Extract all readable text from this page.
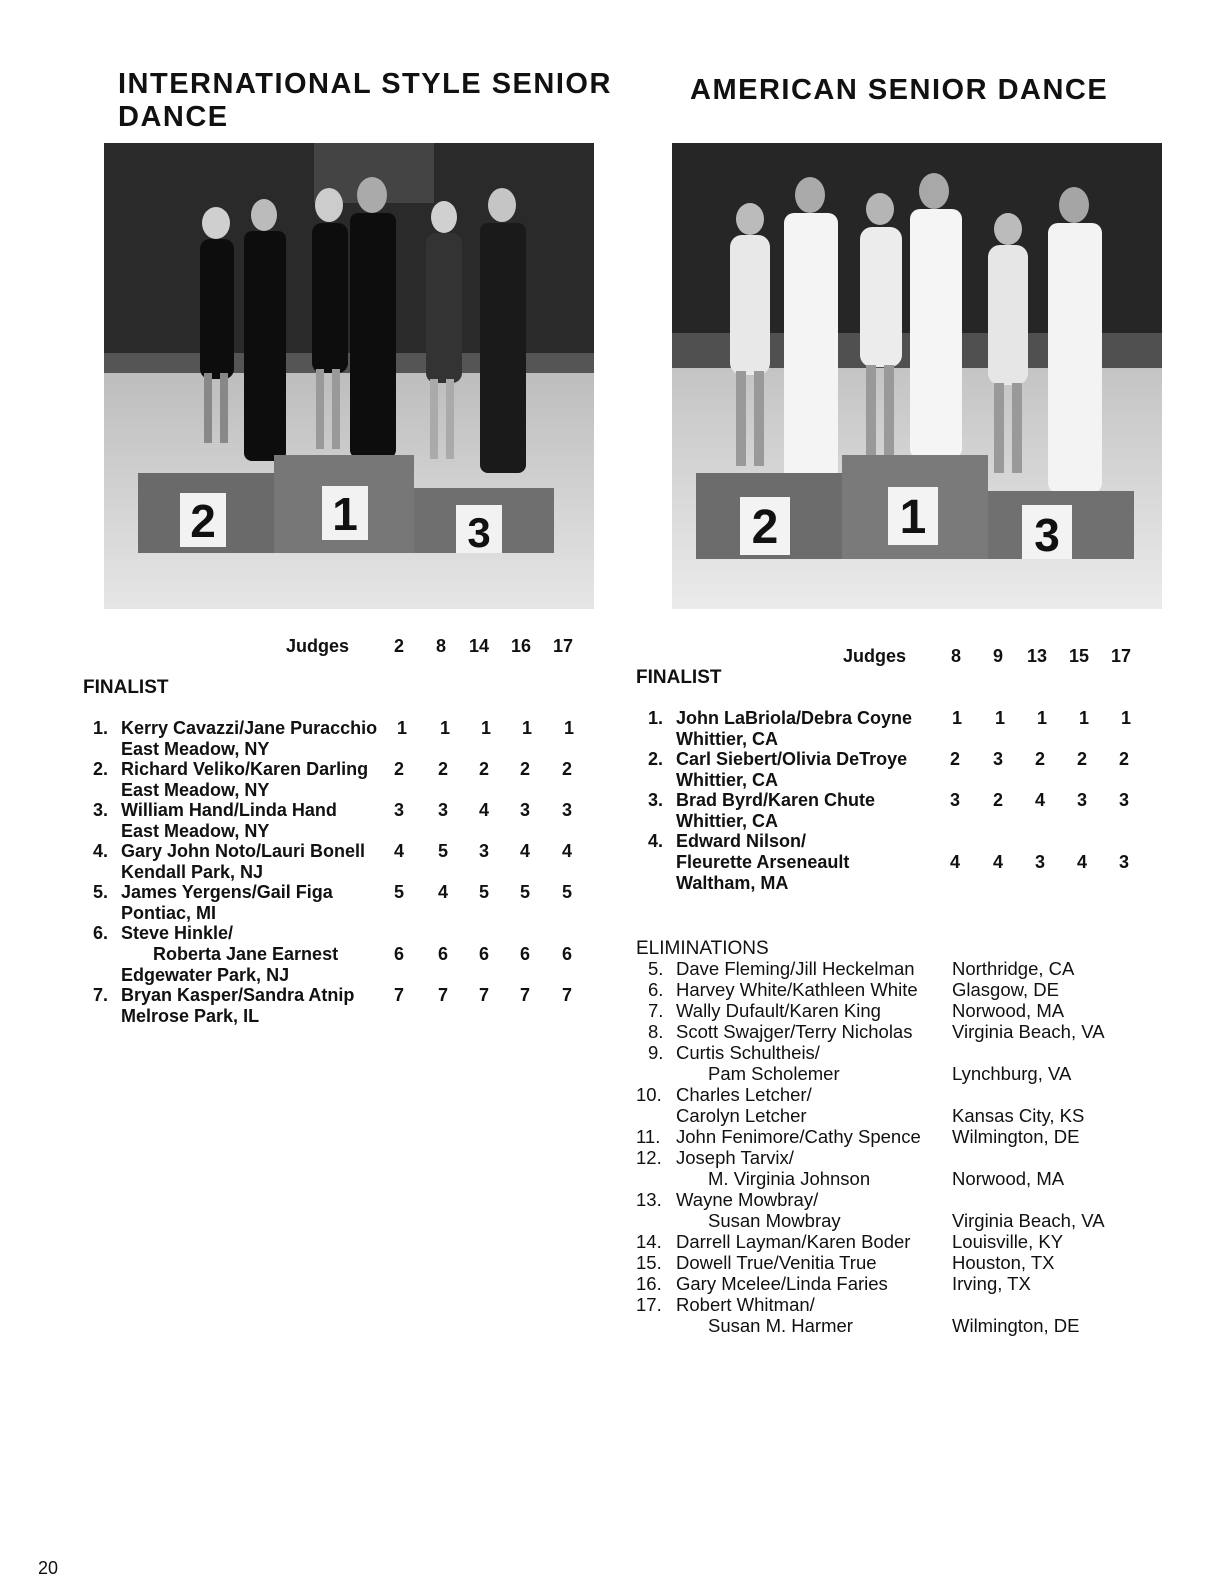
INTERNATIONAL STYLE SENIOR
DANCE
AMERICAN SENIOR DANCE
2	1	3	2	1 3
Judges 2 8 14 16 17
FINALIST
1. Kerry Cavazzi/Jane Puracchio 1 1 1 1 1
East Meadow, NY
2. Richard Veliko/Karen Darling 2 2 2 2 2
East Meadow, NY
3. William Hand/Linda Hand	3 3 4 3 3
East Meadow, NY
4. Gary John Noto/Lauri Bonell 4 5 3 4 4
Kendall Park, NJ
5. James Yergens/Gail Figa	5 4 5 5 5
Pontiac, MI
6. Steve Hinkle/
Roberta Jane Earnest	6 6 6 6 6
Edgewater Park, NJ
7. Bryan Kasper/Sandra Atnip 7 7 7 7 7
Melrose Park, IL
Judges 8 9 13 15 17
FINALIST
1. John LaBriola/Debra Coyne 1 1 1 1 1
Whittier, CA
2. Carl Siebert/Olivia DeTroye 2 3 2 2 2
Whittier, CA
3. Brad Byrd/Karen Chute	3 2 4 3 3
Whittier, CA
4. Edward Nilson/
Fleurette Arseneault	4 4 3 4 3
Waltham, MA
ELIMINATIONS
5. Dave Fleming/Jill Heckelman Northridge, CA
6. Harvey White/Kathleen White Glasgow, DE
7. Wally Dufault/Karen King	Norwood, MA
8. Scott Swajger/Terry Nicholas Virginia Beach, VA
9. Curtis Schultheis/
Pam Scholemer	Lynchburg, VA
10. Charles Letcher/
Carolyn Letcher	Kansas City, KS
11. John Fenimore/Cathy Spence Wilmington, DE
12. Joseph Tarvix/
M. Virginia Johnson	Norwood, MA
13. Wayne Mowbray/
Susan Mowbray	Virginia Beach, VA
14. Darrell Layman/Karen Boder Louisville, KY
15. Dowell True/Venitia True	Houston, TX
16. Gary Mcelee/Linda Faries	Irving, TX
17. Robert Whitman/
Susan M. Harmer	Wilmington, DE
20
